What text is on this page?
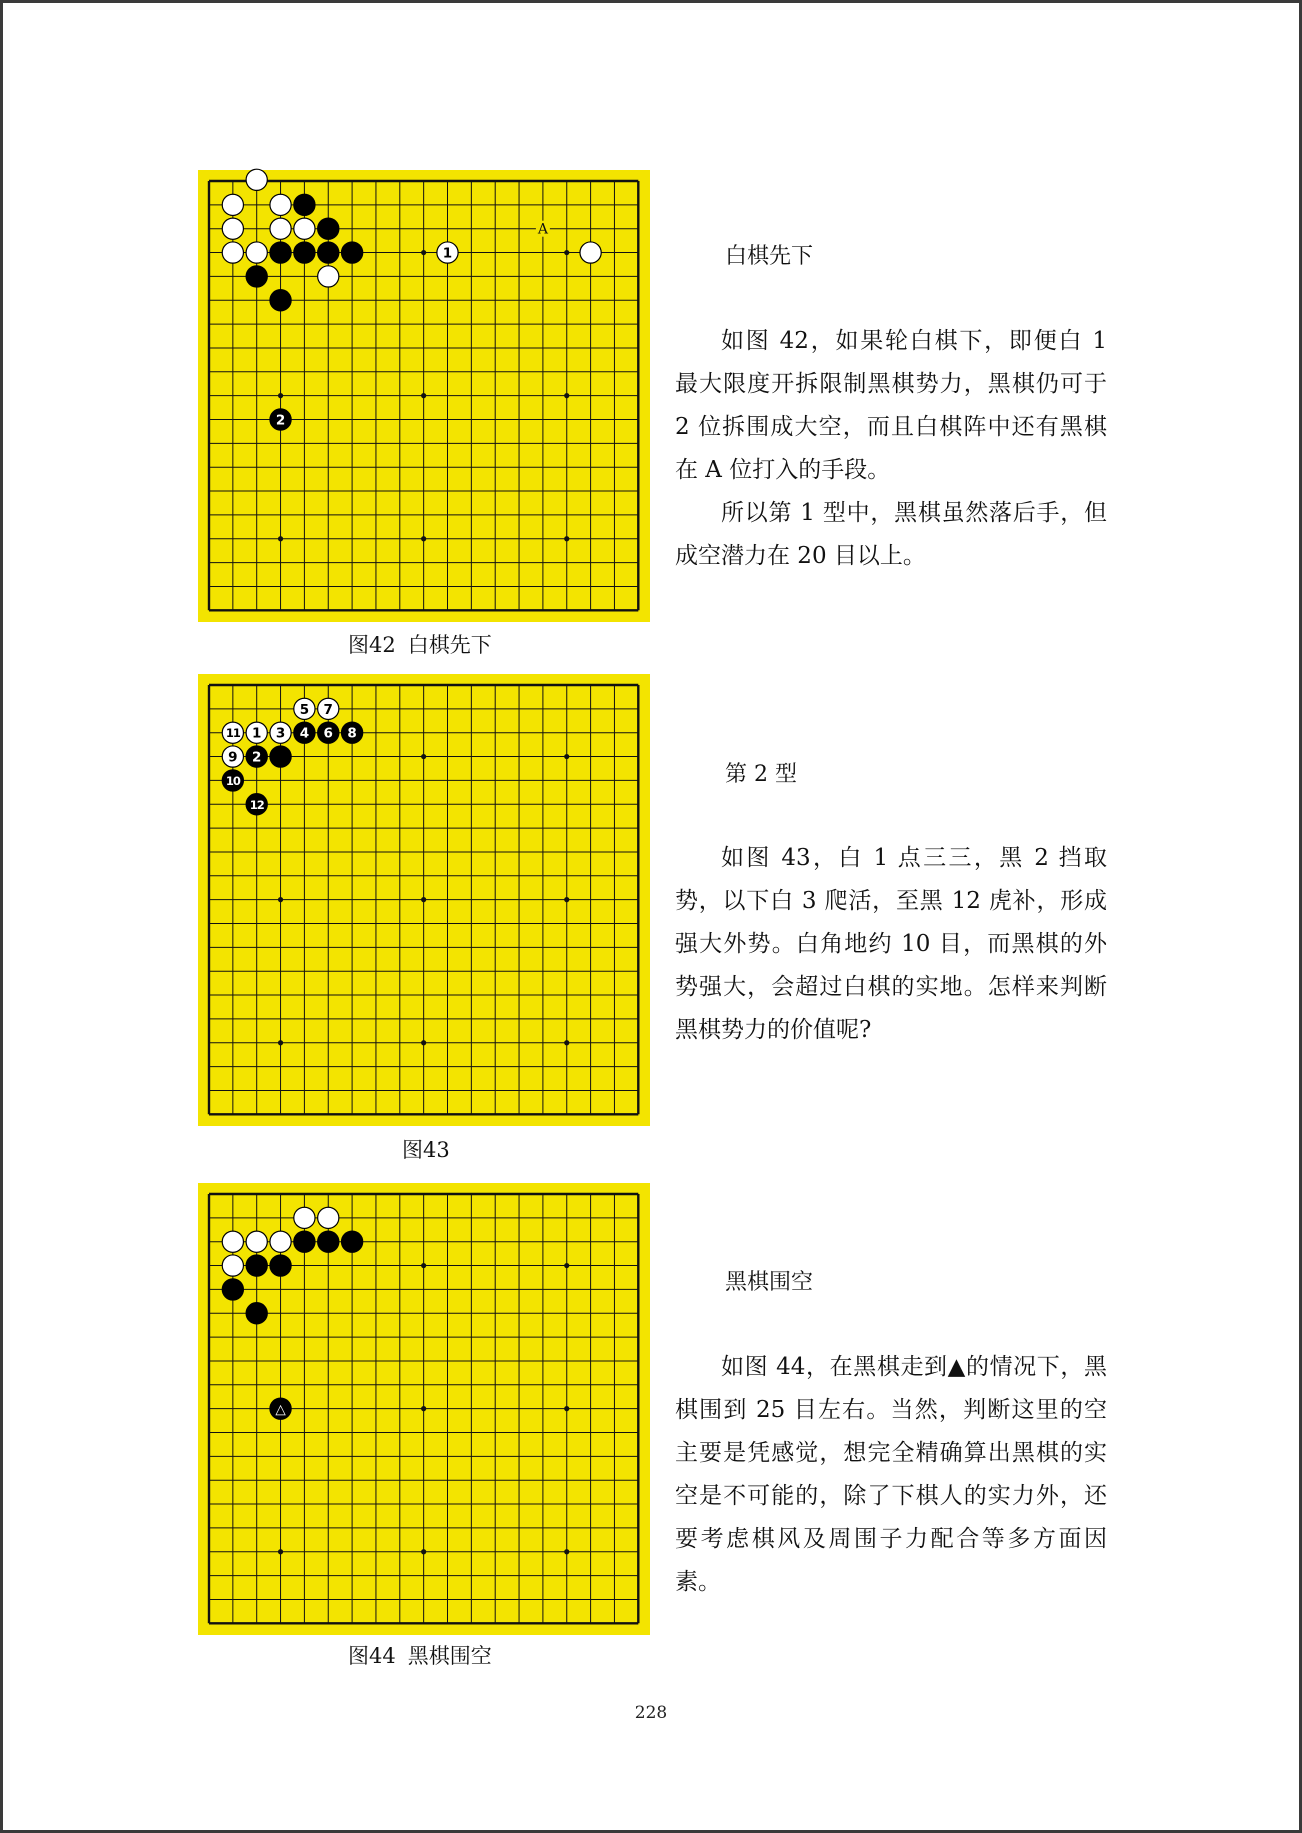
A
1
2
图42 白棋先下
5 7
11 1 3 4 6 8
9 2
10
12
图43
△
图44 黑棋围空
白棋先下

如图 42，如果轮白棋下，即便白 1 最大限度开拆限制黑棋势力，黑棋仍可于 2 位拆围成大空，而且白棋阵中还有黑棋在 A 位打入的手段。

所以第 1 型中，黑棋虽然落后手，但成空潜力在 20 目以上。

第 2 型

如图 43，白 1 点三三，黑 2 挡取势，以下白 3 爬活，至黑 12 虎补，形成强大外势。白角地约 10 目，而黑棋的外势强大，会超过白棋的实地。怎样来判断黑棋势力的价值呢?

黑棋围空

如图 44，在黑棋走到▲的情况下，黑棋围到 25 目左右。当然，判断这里的空主要是凭感觉，想完全精确算出黑棋的实空是不可能的，除了下棋人的实力外，还要考虑棋风及周围子力配合等多方面因素。

228
